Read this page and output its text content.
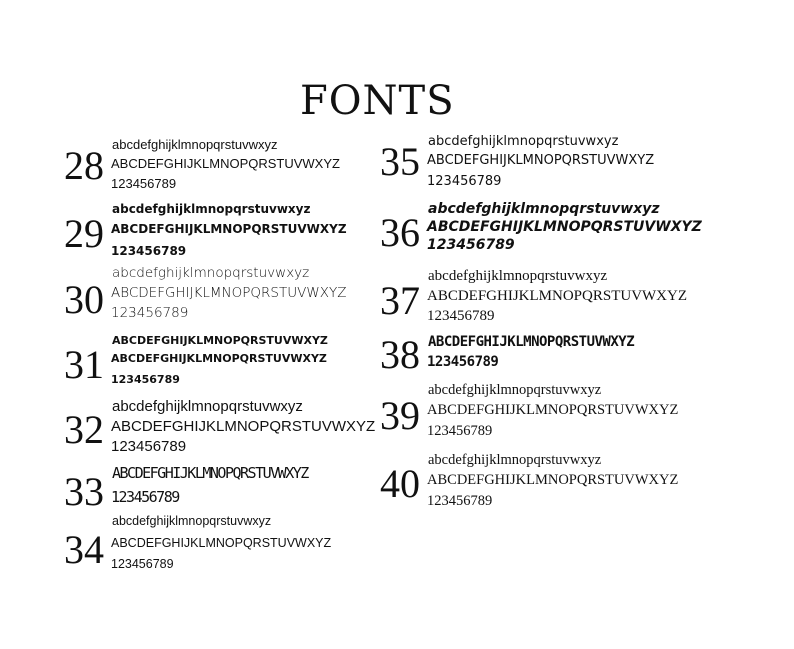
FONTS
28 abcdefghijklmnopqrstuvwxyz
ABCDEFGHIJKLMNOPQRSTUVWXYZ
123456789
29
abcdefghijklmnopqrstuvwxyz
ABCDEFGHIJKLMNOPQRSTUVWXYZ
123456789
30
abcdefghijklmnopqrstuvwxyz
ABCDEFGHIJKLMNOPQRSTUVWXYZ
123456789
31
ABCDEFGHIJKLMNOPQRSTUVWXYZ
ABCDEFGHIJKLMNOPQRSTUVWXYZ
123456789
32
abcdefghijklmnopqrstuvwxyz
ABCDEFGHIJKLMNOPQRSTUVWXYZ
123456789
33 ABCDEFGHIJKLMNOPQRSTUVWXYZ
123456789
34
abcdefghijklmnopqrstuvwxyz
ABCDEFGHIJKLMNOPQRSTUVWXYZ
123456789
35 abcdefghijklmnopqrstuvwxyz
ABCDEFGHIJKLMNOPQRSTUVWXYZ
123456789
36
abcdefghijklmnopqrstuvwxyz
ABCDEFGHIJKLMNOPQRSTUVWXYZ
123456789
37
abcdefghijklmnopqrstuvwxyz
ABCDEFGHIJKLMNOPQRSTUVWXYZ
123456789
38 ABCDEFGHIJKLMNOPQRSTUVWXYZ
123456789
39
abcdefghijklmnopqrstuvwxyz
ABCDEFGHIJKLMNOPQRSTUVWXYZ
123456789
40
abcdefghijklmnopqrstuvwxyz
ABCDEFGHIJKLMNOPQRSTUVWXYZ
123456789
